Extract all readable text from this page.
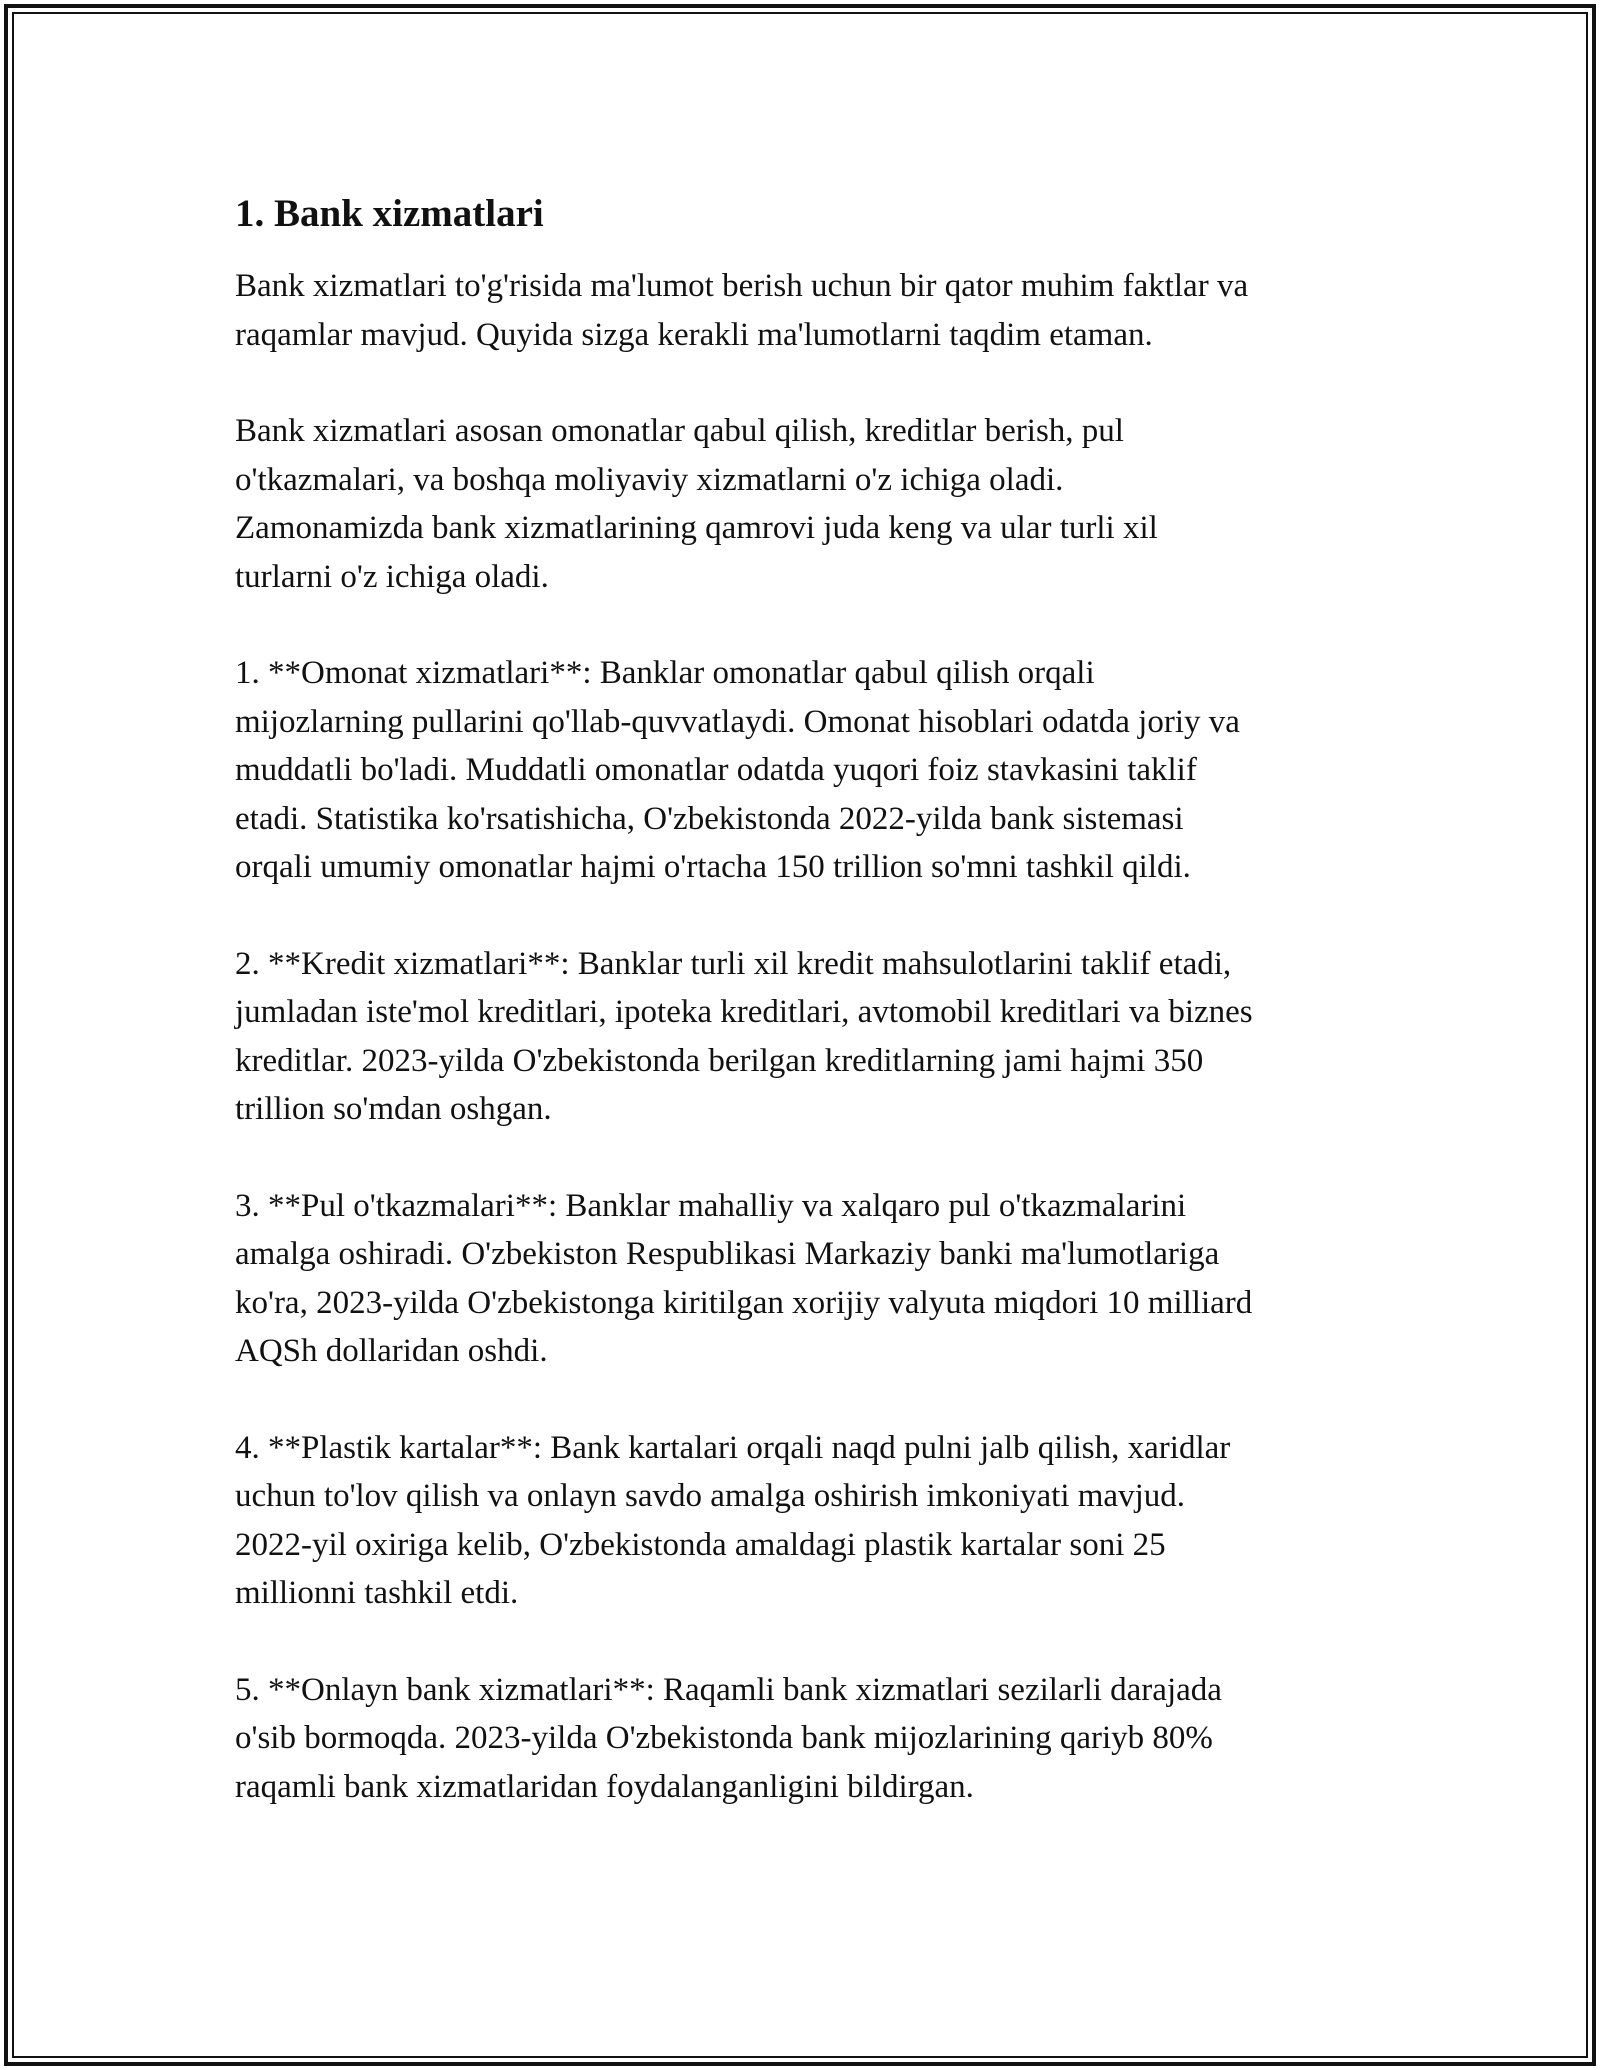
1. Bank xizmatlari
Bank xizmatlari to'g'risida ma'lumot berish uchun bir qator muhim faktlar va
raqamlar mavjud. Quyida sizga kerakli ma'lumotlarni taqdim etaman.
Bank xizmatlari asosan omonatlar qabul qilish, kreditlar berish, pul
o'tkazmalari, va boshqa moliyaviy xizmatlarni o'z ichiga oladi.
Zamonamizda bank xizmatlarining qamrovi juda keng va ular turli xil
turlarni o'z ichiga oladi.
1. **Omonat xizmatlari**: Banklar omonatlar qabul qilish orqali
mijozlarning pullarini qo'llab-quvvatlaydi. Omonat hisoblari odatda joriy va
muddatli bo'ladi. Muddatli omonatlar odatda yuqori foiz stavkasini taklif
etadi. Statistika ko'rsatishicha, O'zbekistonda 2022-yilda bank sistemasi
orqali umumiy omonatlar hajmi o'rtacha 150 trillion so'mni tashkil qildi.
2. **Kredit xizmatlari**: Banklar turli xil kredit mahsulotlarini taklif etadi,
jumladan iste'mol kreditlari, ipoteka kreditlari, avtomobil kreditlari va biznes
kreditlar. 2023-yilda O'zbekistonda berilgan kreditlarning jami hajmi 350
trillion so'mdan oshgan.
3. **Pul o'tkazmalari**: Banklar mahalliy va xalqaro pul o'tkazmalarini
amalga oshiradi. O'zbekiston Respublikasi Markaziy banki ma'lumotlariga
ko'ra, 2023-yilda O'zbekistonga kiritilgan xorijiy valyuta miqdori 10 milliard
AQSh dollaridan oshdi.
4. **Plastik kartalar**: Bank kartalari orqali naqd pulni jalb qilish, xaridlar
uchun to'lov qilish va onlayn savdo amalga oshirish imkoniyati mavjud.
2022-yil oxiriga kelib, O'zbekistonda amaldagi plastik kartalar soni 25
millionni tashkil etdi.
5. **Onlayn bank xizmatlari**: Raqamli bank xizmatlari sezilarli darajada
o'sib bormoqda. 2023-yilda O'zbekistonda bank mijozlarining qariyb 80%
raqamli bank xizmatlaridan foydalanganligini bildirgan.
